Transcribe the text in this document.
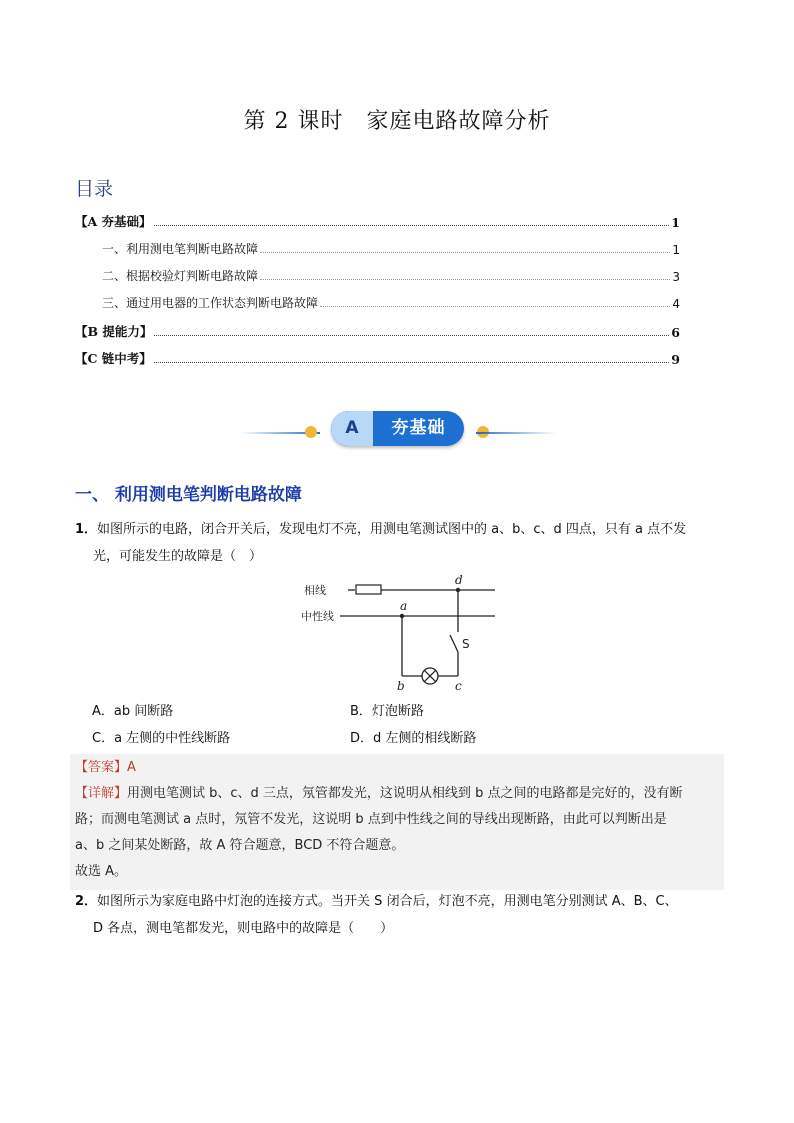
第 2 课时　家庭电路故障分析
目录
【A 夯基础】	1
一、利用测电笔判断电路故障	1
二、根据校验灯判断电路故障	3
三、通过用电器的工作状态判断电路故障	4
【B 提能力】	6
【C 链中考】	9
A	夯基础
一、 利用测电笔判断电路故障
1．如图所示的电路，闭合开关后，发现电灯不亮，用测电笔测试图中的 a、b、c、d 四点，只有 a 点不发
光，可能发生的故障是（　）
相线
中性线
a
d
b	c
S
A．ab 间断路	B．灯泡断路
C．a 左侧的中性线断路	D．d 左侧的相线断路
【答案】A
【详解】用测电笔测试 b、c、d 三点，氖管都发光，这说明从相线到 b 点之间的电路都是完好的，没有断
路；而测电笔测试 a 点时，氖管不发光，这说明 b 点到中性线之间的导线出现断路，由此可以判断出是
a、b 之间某处断路，故 A 符合题意，BCD 不符合题意。
故选 A。
2．如图所示为家庭电路中灯泡的连接方式。当开关 S 闭合后，灯泡不亮，用测电笔分别测试 A、B、C、
D 各点，测电笔都发光，则电路中的故障是（　　）
